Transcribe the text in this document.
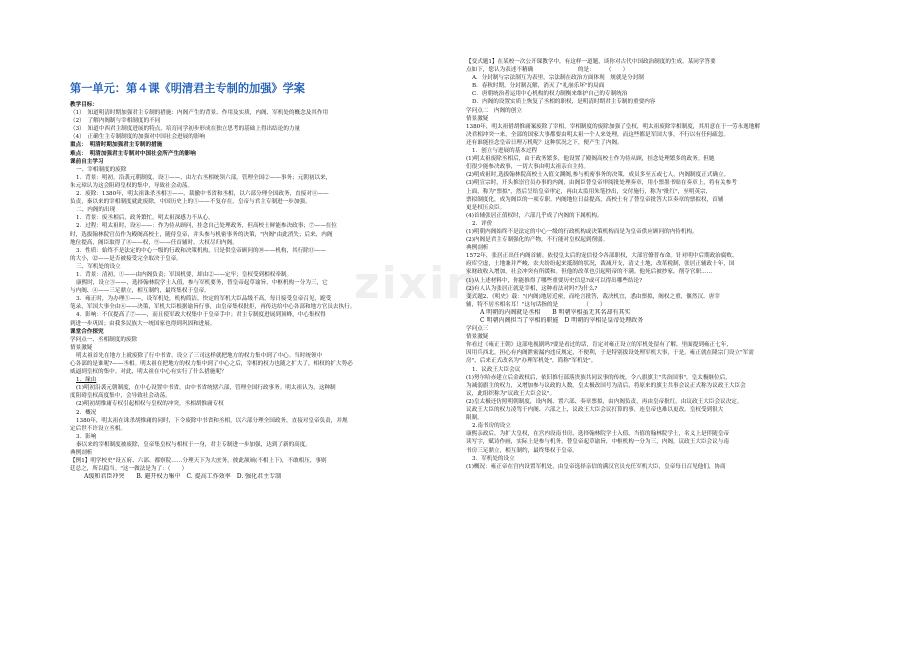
zixin
第一单元：第４课《明清君主专制的加强》学案

教学目标：

（1）　知道明清时期加强君主专制的措施：内阁产生的背景、作用及实质，内阁、军机处的概念及其作用

（2）　了解内阁制与宰相制度的不同

（3）　知道中西君主制度进展的特点，培育同学初步形成在独立思考的基础上得出结论的力量

（4）　正确生主专制制度的加强对中国社会进展的影响

重点：　明清时期加强君主专制的措施

难点：　明清加强君主专制对中国社会所产生的影响

课前自主学习

一、宰相制度的废除

1．背景：明初，沿袭元朝制度，设①——，由左右丞相统领六部，管理全国②——事务；元朝初以来，

朱元璋认为这会阻碍皇权的集中，导致社会动荡。

2．废除：1380年，明太祖诛杀丞相③——，裁撤中书省和丞相，以六部分理全国政务，直接对④——

负责，秦以来的宰相制度就此废除，中国历史上的⑤——不复存在，皇帝与君主专制进一步加强。

二、内阁的出现

1．背景：废丞相后，政务繁忙。明太祖深感力不从心。

2．过程：明太祖时，设⑥——：作为侍从顾问，挂念自己处理政务，但高校士鲜能参决政事；⑦——在位

时，选拔翰林院官员作为殿阁高校士，随侍皇帝，并头参与机密事务的决策，"内阁"由此消失；后来，内阁

地位提高，阁臣取得了⑧——权，⑨——任首辅时，大权尽归内阁。

3．性质：始终不是法定的中心一级的行政和决策机构，只是供皇帝顾问的⑩——机构，其行除⑪——

的大小，⑫——是否被接受完全取决于皇帝。

三、军机处的设立

1．背景：清初，①——由内阁负责；军国机要，却由②——定牢；皇权受到相权牵制。

康熙时，设立③——，选择翰林院学士入值，参与军机要务，替皇帝起草谕旨，中枢机构一分为三，它

与内阁、④——三足鼎立，相互制约，最终集权于皇帝。

3．雍正时，为办理⑤——，设军机处，机构简洁，快定的军机大臣品级不高，每日接受皇帝召见，跪受

笔录，军国大事全由⑥——决策，军机大臣根据谕旨行事，由皇帝集权批拒，再传达给中心各部和地方官员去执行。

4．影响：不仅提高了⑦——，而且使军政大权集中于皇帝手中；君主专制度进展到顶峰，中心集权得

到进一步巩固；由我多民族大一统国家也得到巩固和进展。

课堂合作探究

学问点一、丞相制度的废除

情景激疑

明太祖首先在地方上就废除了行中书省，设立了三司这样就把地方的权力集中到了中心。当时统领中

心各部的是谁呢?——丞相。明太祖在把地方的权力集中到了中心之后，宰相的权力也随之扩大了，相权的扩大势必

威逼到皇权的集中。对此，明太祖在中心有实行了什么措施呢？

1．缘由

(1)明初沿袭元朝制度，在中心设置中书省，由中书省统辖六部，管理全国行政事务。明太祖认为，这种制

度阻碍皇权高度集中，会导致社会动荡。

(2)明初胡惟庸专权引起相权与皇权的冲突，丞相胡惟庸专权

2．概况

1380年，明太祖在诛杀胡惟庸的同时，下令废除中书省和丞相，以六部分理全国政务，直接对皇帝负责，并规

定后世不许设立丞相。

3．影响

秦以来的宰相制度被废除，皇帝集皇权与相权于一身，君主专制进一步加强，达到了新的高度。

典例剖析

【例1】明学校史"设五府、六部、都察院……分理天下为大庶务，彼此颉颃(不相上下)，不敢相压，事则

廷总之，所以稳当。"这一做法是为了：（　　）

A缓和君臣冲突　　B. 避开权力集中　C. 提高工作效率　D. 强化君主专制

【变式题1】在某校一次公开课教学中，有这样一道题，谈你对古代中国政治制度的生成。某同学答要

点如下，您认为表述不精确　　　　　　　　的是：　　　（　　）

A．分封制与宗法制互为表里，宗法制在政治方面体现　规就是分封制

B．春秋时期，分封制瓦解，消灭了"礼崩乐坏"的局面

C．唐朝统治者运用中心机构的权力制衡来维护自己的专制统治

D．内阁的设置实质上恢复了丞相的职权，是明清时期君主专制的重要内容

学问点二　内阁的创立

情景激疑

1380年，明太祖借胡惟庸案废除了宰相，宰相制度的废除加强了皇权，明太祖废除宰相制度，其用意在于一劳永逸地解

决君相冲突一来，全部的国家大事都要由明太祖一个人来处理，而这些都是军国大事，不行以有任何疏忽。

还有谁能挂念皇帝日理万机呢？这种状况之下，便产生了内阁。

1．创立与进展的基本过程

(1)明太祖废除丞相后，由于政务繁多，他设置了殿阁高校士作为侍从顾，挂念处理繁多的政务。但她

们很少能参决政事，一切大事由明太祖亲自主持。

(2)明成祖时,选拔翰林院高校士入值文渊阁,参与机密事务的决策，成员多至五或七人，内阁制度正式确立。

(3)明宣宗时，开头推崇官员办事的内阁，由阁臣替皇帝审阅批处理奏章，用小票墨书贴在奏章上，将有关参考

上面，称为"票拟"，然后呈给皇帝审定，再由太监用朱笔抄出，交付施行，称为"批红"，至明英宗，

票拟制度化，成为阁臣的一项专职。内阁地位日益提高，高校士有了替皇帝批答大臣奏章的票拟权，首辅

更是权压众臣。

(4)首辅张居正值权时，六部几乎成了内阁的下属机构。

2．评价

(1)明朝内阁始终不是法定的中心一级的行政机构或决策机构而是为皇帝供应顾问的内侍机构。

(2)内阁是君主专制强化的产物，不行能对皇权起到削弱。

典例剖析

1572年，张居正出任内阁首辅。依侵皇太后的宠信侵令各部职权，大部官僚普布命。针对明中后期政治腐败、

府库空虚，土地兼并严峻、农夫纷纷起来抵制的状况，裁减开支，清丈土地，改革税制，张居正辅政十年，国

家财政收入增加，社会冲突有所缓和。但他的改革也引起明帝的不满。他死后被抄家，削夺官职……

(1)从上述材料中，你能推得了哪些重要历史信息?或可以得出哪些结论?

(2)有人认为张居正就是宰相，这种看法对吗?为什么?

变式题2、《明史》载："(内阁)地居近密，而纶言批答，裁决机宜，悉由票拟，阁权之重，偃然汉、唐宰

辅，特不居丞相名耳！"这句话指的是　　　　　（　　）

A 明朝的内阁就是丞相　　B 明朝宰相虽无其名却有其实

C 明朝内阁担当了宰相的职能　D 明朝的宰相是皇帝处理政务

学问点三

情景激疑

你看过《雍正王朝》这部电视剧吗?要是看过的话，肯定对雍正设立的军机处留有了解，里面提到雍正七年，

因用兵西北，担心有内阁泄密漏内违反规定，不便利，于是特别拔设处理军机大事，于是，雍正就在隆宗门设立"军需

房"，后来正式改名为"办理军机处"，简称"军机处"。

1．议政王大臣会议

(1)努尔哈赤建立后金政权后，依旧推行部落贵族共同议事的传统，令八旗旗主"共治国事"，皇太极继位后，

为减弱旗主的权力，又增加参与议政的人数。皇太极改国号为清后，将原来的旗主共事会议正式称为议政王大臣会

议，此组织称为"议政王大臣会议"。

(2)皇太极还仿照明朝制度，设内阁、置六部、奏章票拟，由内阁负责，再由皇帝批红。由议政王大臣会议决定。

议政王大臣的权力凌驾于内阁、六部之上，议政王大臣会议打算的事，连皇帝也难以更改。皇权受到很大

限制。

2.南书房的设立

康熙亲政后，为扩大皇权，在宫内设南书房，选择翰林院学士入值。当值的翰林院学士，名义上是伴随皇帝

读写字，赋诗作画，实际上是参与机务，替皇帝起草谕旨，中枢机构一分为三，内阁，议政王大臣会议与南

书房三足鼎立，相互制约，最终集权于皇帝。

3．军机处的设立

(1)概况：雍正帝在宫内设置军机处，由皇帝选择亲信的满汉官员充任军机大臣，皇帝每日召见他们，协商
